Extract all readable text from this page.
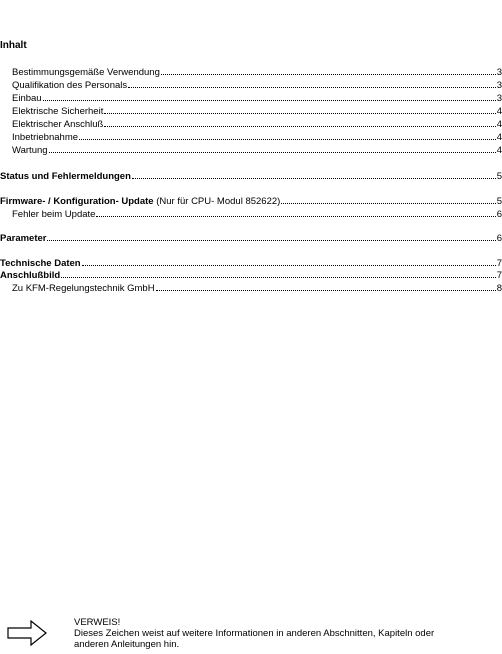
Inhalt
Bestimmungsgemäße Verwendung	3
Qualifikation des Personals	3
Einbau	3
Elektrische Sicherheit	4
Elektrischer Anschluß	4
Inbetriebnahme	4
Wartung	4
Status und Fehlermeldungen	5
Firmware- / Konfiguration- Update (Nur für CPU- Modul 852622)	5
Fehler beim Update	6
Parameter	6
Technische Daten	7
Anschlußbild	7
Zu KFM-Regelungstechnik GmbH	8
VERWEIS!
Dieses Zeichen weist auf weitere Informationen in anderen Abschnitten, Kapiteln oder
anderen Anleitungen hin.
